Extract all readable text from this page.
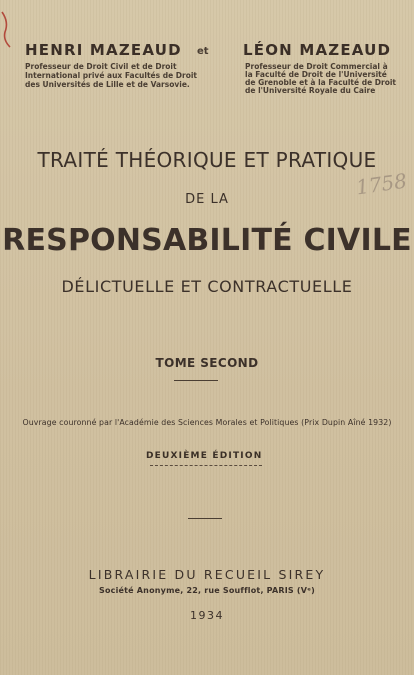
HENRI MAZEAUD
Professeur de Droit Civil et de Droit
International privé aux Facultés de Droit
des Universités de Lille et de Varsovie.
et LÉON MAZEAUD
Professeur de Droit Commercial à
la Faculté de Droit de l'Université
de Grenoble et à la Faculté de Droit
de l'Université Royale du Caire
1758
TRAITÉ THÉORIQUE ET PRATIQUE
DE LA
RESPONSABILITÉ CIVILE
DÉLICTUELLE ET CONTRACTUELLE
TOME SECOND
Ouvrage couronné par l'Académie des Sciences Morales et Politiques (Prix Dupin Aîné 1932)
DEUXIÈME ÉDITION
LIBRAIRIE DU RECUEIL SIREY
Société Anonyme, 22, rue Soufflot, PARIS (Vᵉ)
1934
